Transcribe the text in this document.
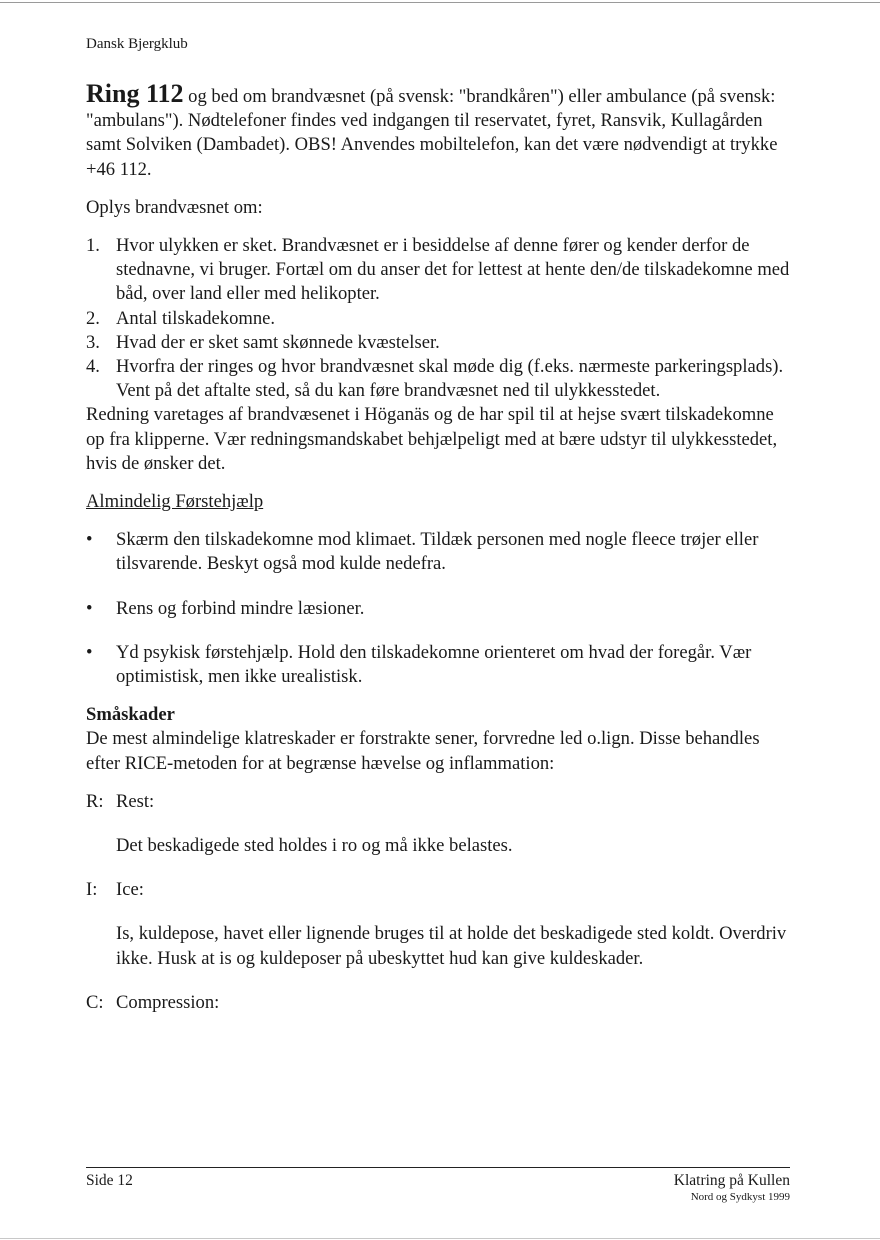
Dansk Bjergklub

Ring 112 og bed om brandvæsnet (på svensk: "brandkåren") eller ambulance (på svensk: "ambulans"). Nødtelefoner findes ved indgangen til reservatet, fyret, Ransvik, Kullagården samt Solviken (Dambadet). OBS! Anvendes mobiltelefon, kan det være nødvendigt at trykke +46 112.

Oplys brandvæsnet om:

1. Hvor ulykken er sket. Brandvæsnet er i besiddelse af denne fører og kender derfor de stednavne, vi bruger. Fortæl om du anser det for lettest at hente den/de tilskadekomne med båd, over land eller med helikopter.
2. Antal tilskadekomne.
3. Hvad der er sket samt skønnede kvæstelser.
4. Hvorfra der ringes og hvor brandvæsnet skal møde dig (f.eks. nærmeste parkeringsplads). Vent på det aftalte sted, så du kan føre brandvæsnet ned til ulykkesstedet.

Redning varetages af brandvæsenet i Höganäs og de har spil til at hejse svært tilskadekomne op fra klipperne. Vær redningsmandskabet behjælpeligt med at bære udstyr til ulykkesstedet, hvis de ønsker det.

Almindelig Førstehjælp

• Skærm den tilskadekomne mod klimaet. Tildæk personen med nogle fleece trøjer eller tilsvarende. Beskyt også mod kulde nedefra.
• Rens og forbind mindre læsioner.
• Yd psykisk førstehjælp. Hold den tilskadekomne orienteret om hvad der foregår. Vær optimistisk, men ikke urealistisk.

Småskader

De mest almindelige klatreskader er forstrakte sener, forvredne led o.lign. Disse behandles efter RICE-metoden for at begrænse hævelse og inflammation:

R: Rest:

Det beskadigede sted holdes i ro og må ikke belastes.

I: Ice:

Is, kuldepose, havet eller lignende bruges til at holde det beskadigede sted koldt. Overdriv ikke. Husk at is og kuldeposer på ubeskyttet hud kan give kuldeskader.

C: Compression:

Side 12	Klatring på Kullen
Nord og Sydkyst 1999
